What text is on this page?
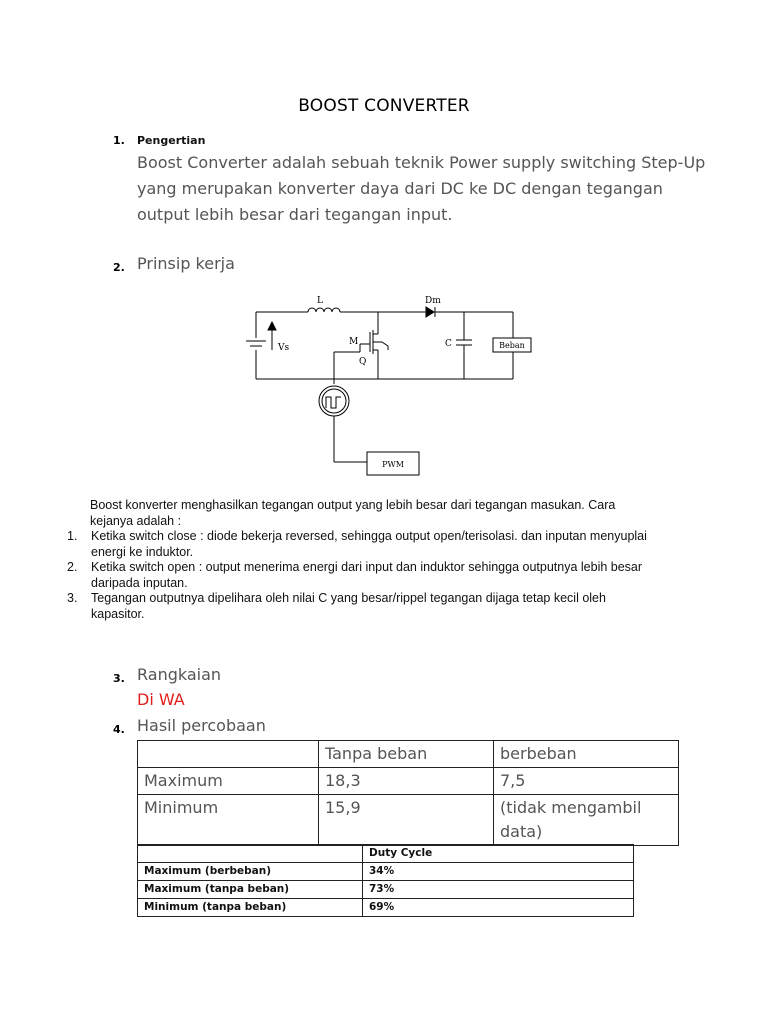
BOOST CONVERTER
1. Pengertian
Boost Converter adalah sebuah teknik Power supply switching Step-Up
yang merupakan konverter daya dari DC ke DC dengan tegangan
output lebih besar dari tegangan input.
2. Prinsip kerja
L	Dm
Vs
M
Q
C	Beban
PWM
Boost konverter menghasilkan tegangan output yang lebih besar dari tegangan masukan. Cara
kejanya adalah :
1. Ketika switch close : diode bekerja reversed, sehingga output open/terisolasi. dan inputan menyuplai
energi ke induktor.
2. Ketika switch open : output menerima energi dari input dan induktor sehingga outputnya lebih besar
daripada inputan.
3. Tegangan outputnya dipelihara oleh nilai C yang besar/rippel tegangan dijaga tetap kecil oleh
kapasitor.
3. Rangkaian
Di WA
4. Hasil percobaan
	Tanpa beban	berbeban
Maximum	18,3	7,5
Minimum	15,9	(tidak mengambil
data)
	Duty Cycle
Maximum (berbeban)	34%
Maximum (tanpa beban)	73%
Minimum (tanpa beban)	69%
